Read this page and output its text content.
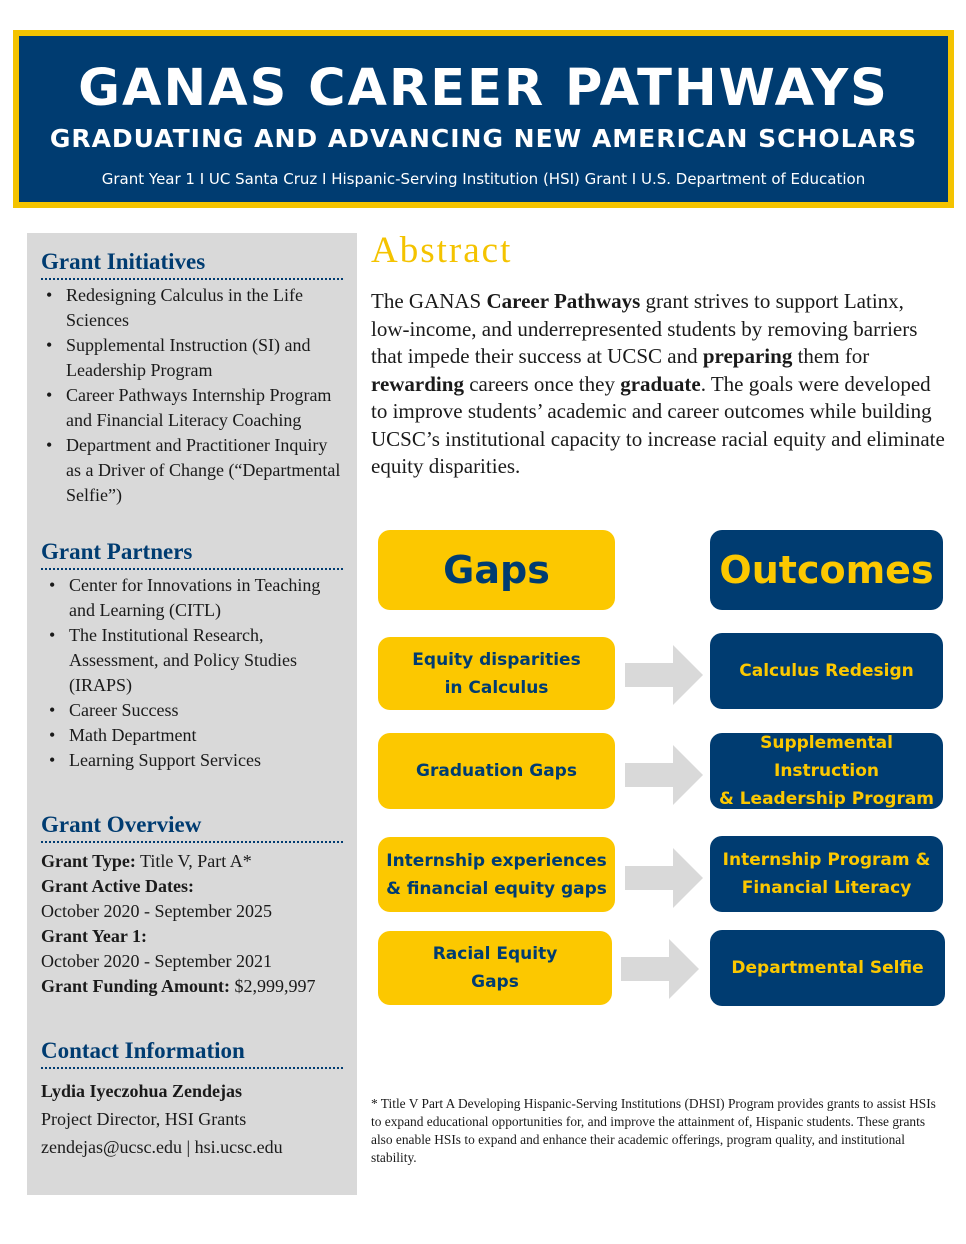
GANAS CAREER PATHWAYS
GRADUATING AND ADVANCING NEW AMERICAN SCHOLARS
Grant Year 1 I UC Santa Cruz I Hispanic-Serving Institution (HSI) Grant I U.S. Department of Education
Grant Initiatives
• Redesigning Calculus in the Life Sciences
• Supplemental Instruction (SI) and Leadership Program
• Career Pathways Internship Program and Financial Literacy Coaching
• Department and Practitioner Inquiry as a Driver of Change (“Departmental Selfie”)
Grant Partners
• Center for Innovations in Teaching and Learning (CITL)
• The Institutional Research, Assessment, and Policy Studies (IRAPS)
• Career Success
• Math Department
• Learning Support Services
Grant Overview
Grant Type: Title V, Part A*
Grant Active Dates:
October 2020 - September 2025
Grant Year 1:
October 2020 - September 2021
Grant Funding Amount: $2,999,997
Contact Information
Lydia Iyeczohua Zendejas
Project Director, HSI Grants
zendejas@ucsc.edu | hsi.ucsc.edu
Abstract

The GANAS Career Pathways grant strives to support Latinx, low-income, and underrepresented students by removing barriers that impede their success at UCSC and preparing them for rewarding careers once they graduate. The goals were developed to improve students’ academic and career outcomes while building UCSC’s institutional capacity to increase racial equity and eliminate equity disparities.

Gaps	Outcomes
Equity disparities
in Calculus
Calculus Redesign
Graduation Gaps
Supplemental Instruction
& Leadership Program
Internship experiences
& financial equity gaps
Internship Program &
Financial Literacy
Racial Equity
Gaps
Departmental Selfie
* Title V Part A Developing Hispanic-Serving Institutions (DHSI) Program provides grants to assist HSIs to expand educational opportunities for, and improve the attainment of, Hispanic students. These grants also enable HSIs to expand and enhance their academic offerings, program quality, and institutional stability.
